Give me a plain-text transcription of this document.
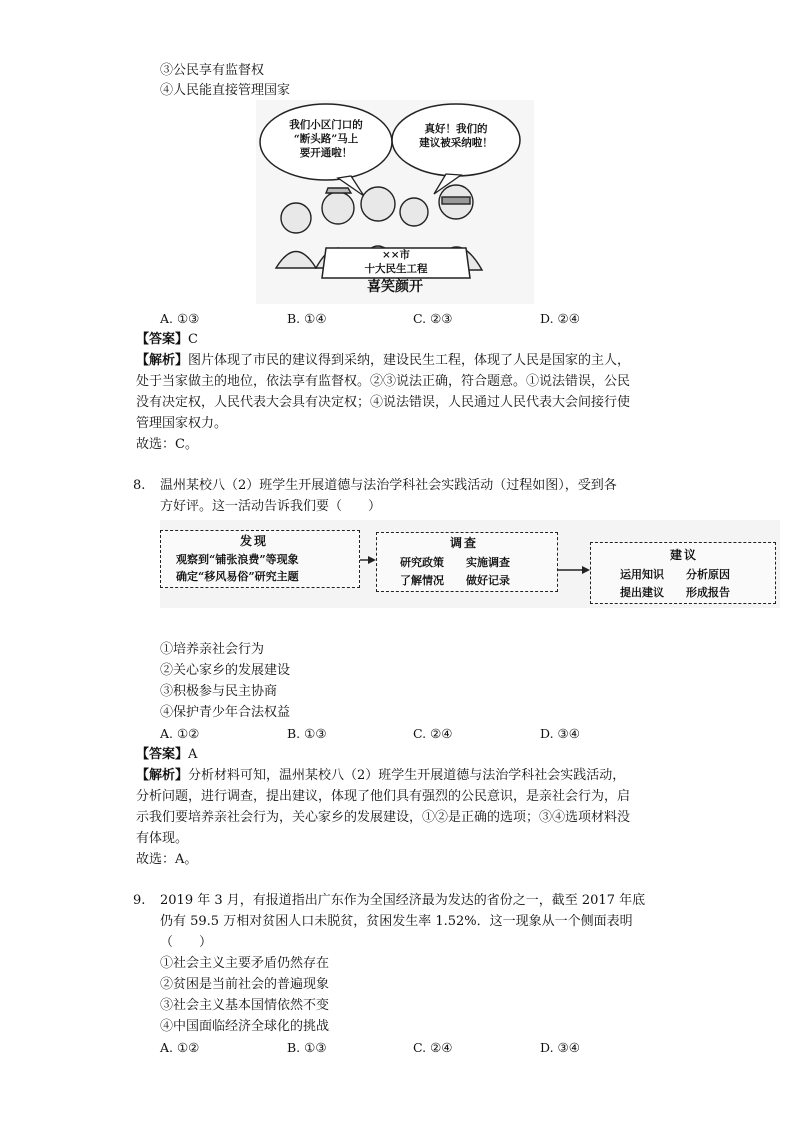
③公民享有监督权
④人民能直接管理国家
我们小区门口的
“断头路”马上
要开通啦！
真好！我们的
建议被采纳啦！
××市
十大民生工程
喜笑颜开
A. ①③	B. ①④	C. ②③	D. ②④
【答案】C
【解析】图片体现了市民的建议得到采纳，建设民生工程，体现了人民是国家的主人，
处于当家做主的地位，依法享有监督权。②③说法正确，符合题意。①说法错误，公民
没有决定权，人民代表大会具有决定权；④说法错误，人民通过人民代表大会间接行使
管理国家权力。
故选：C。
8. 温州某校八（2）班学生开展道德与法治学科社会实践活动（过程如图），受到各
方好评。这一活动告诉我们要（　　）
发现
观察到“铺张浪费”等现象
确定“移风易俗”研究主题
调查
研究政策　　实施调查
了解情况　　做好记录
建议
运用知识　　分析原因
提出建议　　形成报告
①培养亲社会行为
②关心家乡的发展建设
③积极参与民主协商
④保护青少年合法权益
A. ①②	B. ①③	C. ②④	D. ③④
【答案】A
【解析】分析材料可知，温州某校八（2）班学生开展道德与法治学科社会实践活动，
分析问题，进行调查，提出建议，体现了他们具有强烈的公民意识，是亲社会行为，启
示我们要培养亲社会行为，关心家乡的发展建设，①②是正确的选项；③④选项材料没
有体现。
故选：A。
9. 2019 年 3 月，有报道指出广东作为全国经济最为发达的省份之一，截至 2017 年底
仍有 59.5 万相对贫困人口未脱贫，贫困发生率 1.52%．这一现象从一个侧面表明
（　　）
①社会主义主要矛盾仍然存在
②贫困是当前社会的普遍现象
③社会主义基本国情依然不变
④中国面临经济全球化的挑战
A. ①②	B. ①③	C. ②④	D. ③④
